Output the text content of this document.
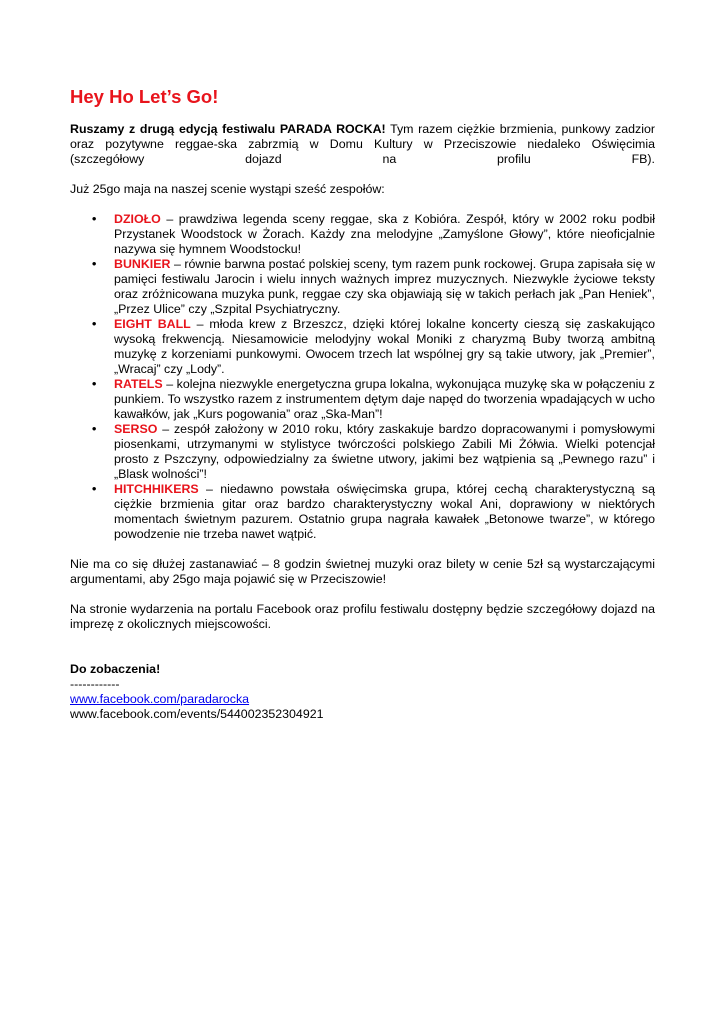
Hey Ho Let’s Go!

Ruszamy z drugą edycją festiwalu PARADA ROCKA! Tym razem ciężkie brzmienia, punkowy zadzior oraz pozytywne reggae-ska zabrzmią w Domu Kultury w Przeciszowie niedaleko Oświęcimia (szczegółowy dojazd na profilu FB).

Już 25go maja na naszej scenie wystąpi sześć zespołów:

• DZIOŁO – prawdziwa legenda sceny reggae, ska z Kobióra. Zespół, który w 2002 roku podbił Przystanek Woodstock w Żorach. Każdy zna melodyjne „Zamyślone Głowy”, które nieoficjalnie nazywa się hymnem Woodstocku!
• BUNKIER – równie barwna postać polskiej sceny, tym razem punk rockowej. Grupa zapisała się w pamięci festiwalu Jarocin i wielu innych ważnych imprez muzycznych. Niezwykle życiowe teksty oraz zróżnicowana muzyka punk, reggae czy ska objawiają się w takich perłach jak „Pan Heniek”, „Przez Ulice” czy „Szpital Psychiatryczny.
• EIGHT BALL – młoda krew z Brzeszcz, dzięki której lokalne koncerty cieszą się zaskakująco wysoką frekwencją. Niesamowicie melodyjny wokal Moniki z charyzmą Buby tworzą ambitną muzykę z korzeniami punkowymi. Owocem trzech lat wspólnej gry są takie utwory, jak „Premier”, „Wracaj” czy „Lody”.
• RATELS – kolejna niezwykle energetyczna grupa lokalna, wykonująca muzykę ska w połączeniu z punkiem. To wszystko razem z instrumentem dętym daje napęd do tworzenia wpadających w ucho kawałków, jak „Kurs pogowania” oraz „Ska-Man”!
• SERSO – zespół założony w 2010 roku, który zaskakuje bardzo dopracowanymi i pomysłowymi piosenkami, utrzymanymi w stylistyce twórczości polskiego Zabili Mi Żółwia. Wielki potencjał prosto z Pszczyny, odpowiedzialny za świetne utwory, jakimi bez wątpienia są „Pewnego razu” i „Blask wolności”!
• HITCHHIKERS – niedawno powstała oświęcimska grupa, której cechą charakterystyczną są ciężkie brzmienia gitar oraz bardzo charakterystyczny wokal Ani, doprawiony w niektórych momentach świetnym pazurem. Ostatnio grupa nagrała kawałek „Betonowe twarze”, w którego powodzenie nie trzeba nawet wątpić.

Nie ma co się dłużej zastanawiać – 8 godzin świetnej muzyki oraz bilety w cenie 5zł są wystarczającymi argumentami, aby 25go maja pojawić się w Przeciszowie!

Na stronie wydarzenia na portalu Facebook oraz profilu festiwalu dostępny będzie szczegółowy dojazd na imprezę z okolicznych miejscowości.

Do zobaczenia!

------------

www.facebook.com/paradarocka

www.facebook.com/events/544002352304921
